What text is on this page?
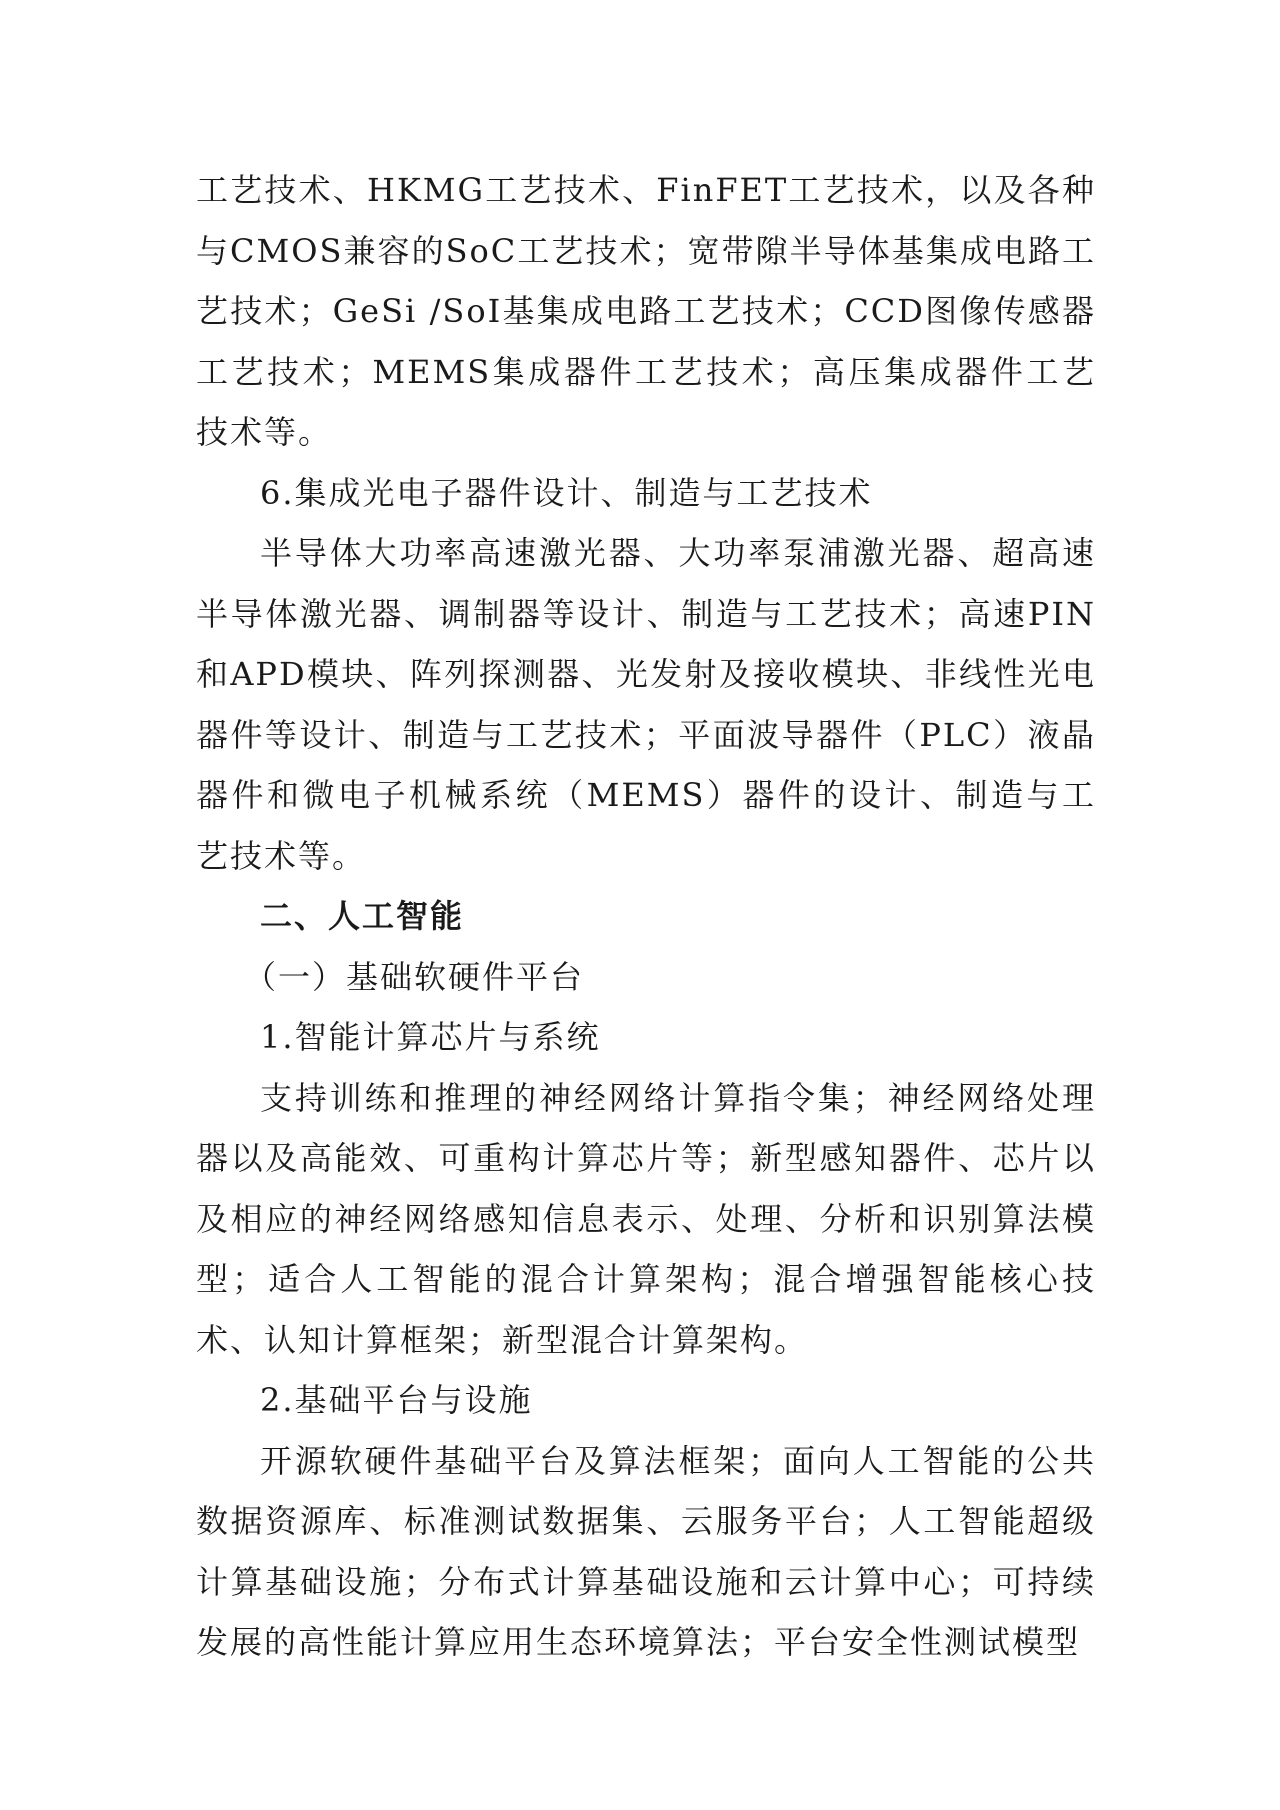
工艺技术、HKMG工艺技术、FinFET工艺技术，以及各种与CMOS兼容的SoC工艺技术；宽带隙半导体基集成电路工艺技术；GeSi /SoI基集成电路工艺技术；CCD图像传感器工艺技术；MEMS集成器件工艺技术；高压集成器件工艺技术等。

6.集成光电子器件设计、制造与工艺技术

半导体大功率高速激光器、大功率泵浦激光器、超高速半导体激光器、调制器等设计、制造与工艺技术；高速PIN和APD模块、阵列探测器、光发射及接收模块、非线性光电器件等设计、制造与工艺技术；平面波导器件（PLC）液晶器件和微电子机械系统（MEMS）器件的设计、制造与工艺技术等。

二、人工智能

（一）基础软硬件平台

1.智能计算芯片与系统

支持训练和推理的神经网络计算指令集；神经网络处理器以及高能效、可重构计算芯片等；新型感知器件、芯片以及相应的神经网络感知信息表示、处理、分析和识别算法模型；适合人工智能的混合计算架构；混合增强智能核心技术、认知计算框架；新型混合计算架构。

2.基础平台与设施

开源软硬件基础平台及算法框架；面向人工智能的公共数据资源库、标准测试数据集、云服务平台；人工智能超级计算基础设施；分布式计算基础设施和云计算中心；可持续发展的高性能计算应用生态环境算法；平台安全性测试模型
